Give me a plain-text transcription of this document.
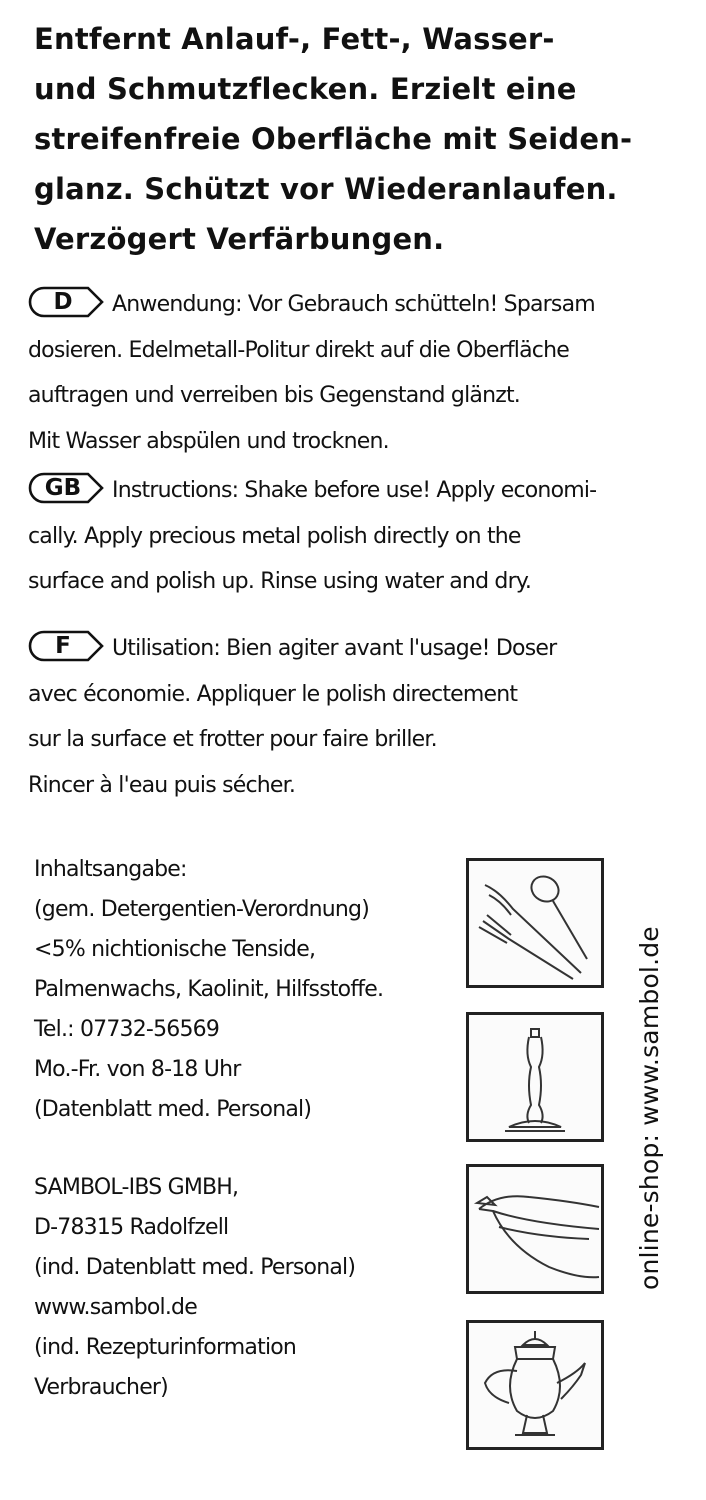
Entfernt Anlauf-, Fett-, Wasser-
und Schmutzflecken. Erzielt eine
streifenfreie Oberfläche mit Seiden-
glanz. Schützt vor Wiederanlaufen.
Verzögert Verfärbungen.
D	Anwendung: Vor Gebrauch schütteln! Sparsam
dosieren. Edelmetall-Politur direkt auf die Oberfläche
auftragen und verreiben bis Gegenstand glänzt.
Mit Wasser abspülen und trocknen.
GB	Instructions: Shake before use! Apply economi-
cally. Apply precious metal polish directly on the
surface and polish up. Rinse using water and dry.
F	Utilisation: Bien agiter avant l'usage! Doser
avec économie. Appliquer le polish directement
sur la surface et frotter pour faire briller.
Rincer à l'eau puis sécher.
Inhaltsangabe:
(gem. Detergentien-Verordnung)
<5% nichtionische Tenside,
Palmenwachs, Kaolinit, Hilfsstoffe.
Tel.: 07732-56569
Mo.-Fr. von 8-18 Uhr
(Datenblatt med. Personal)
SAMBOL-IBS GMBH,
D-78315 Radolfzell
(ind. Datenblatt med. Personal)
www.sambol.de
(ind. Rezepturinformation
Verbraucher)
online-shop: www.sambol.de
